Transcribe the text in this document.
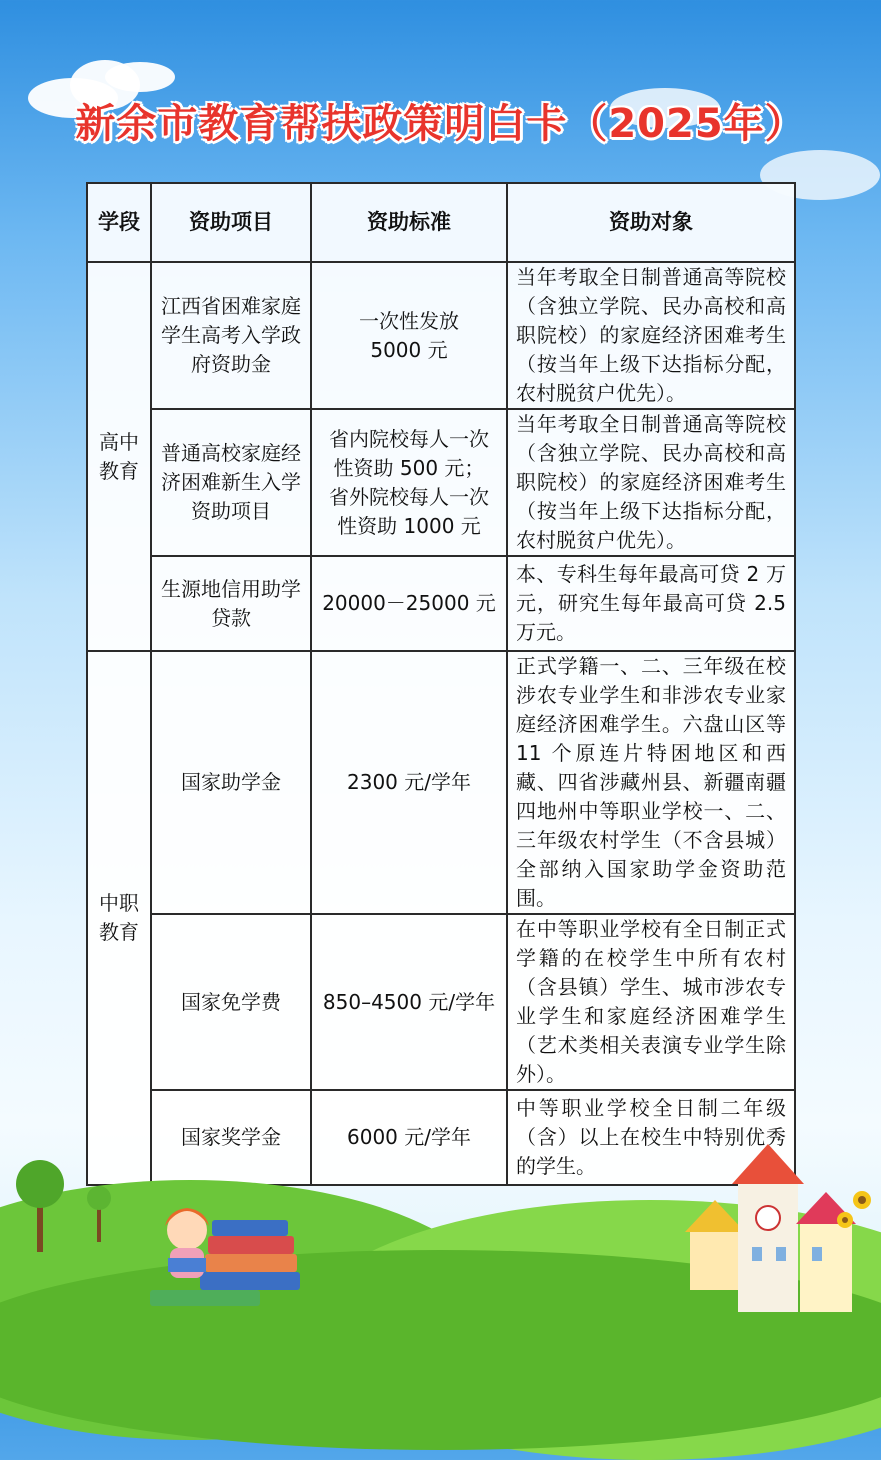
新余市教育帮扶政策明白卡（2025年）
学段	资助项目	资助标准	资助对象
高中教育	江西省困难家庭学生高考入学政府资助金	一次性发放 5000 元	当年考取全日制普通高等院校（含独立学院、民办高校和高职院校）的家庭经济困难考生（按当年上级下达指标分配，农村脱贫户优先）。
	普通高校家庭经济困难新生入学资助项目	省内院校每人一次性资助 500 元；省外院校每人一次性资助 1000 元	当年考取全日制普通高等院校（含独立学院、民办高校和高职院校）的家庭经济困难考生（按当年上级下达指标分配，农村脱贫户优先）。
	生源地信用助学贷款	20000－25000 元	本、专科生每年最高可贷 2 万元，研究生每年最高可贷 2.5 万元。
中职教育	国家助学金	2300 元/学年	正式学籍一、二、三年级在校涉农专业学生和非涉农专业家庭经济困难学生。六盘山区等 11 个原连片特困地区和西藏、四省涉藏州县、新疆南疆四地州中等职业学校一、二、三年级农村学生（不含县城）全部纳入国家助学金资助范围。
	国家免学费	850–4500 元/学年	在中等职业学校有全日制正式学籍的在校学生中所有农村（含县镇）学生、城市涉农专业学生和家庭经济困难学生（艺术类相关表演专业学生除外）。
	国家奖学金	6000 元/学年	中等职业学校全日制二年级（含）以上在校生中特别优秀的学生。
